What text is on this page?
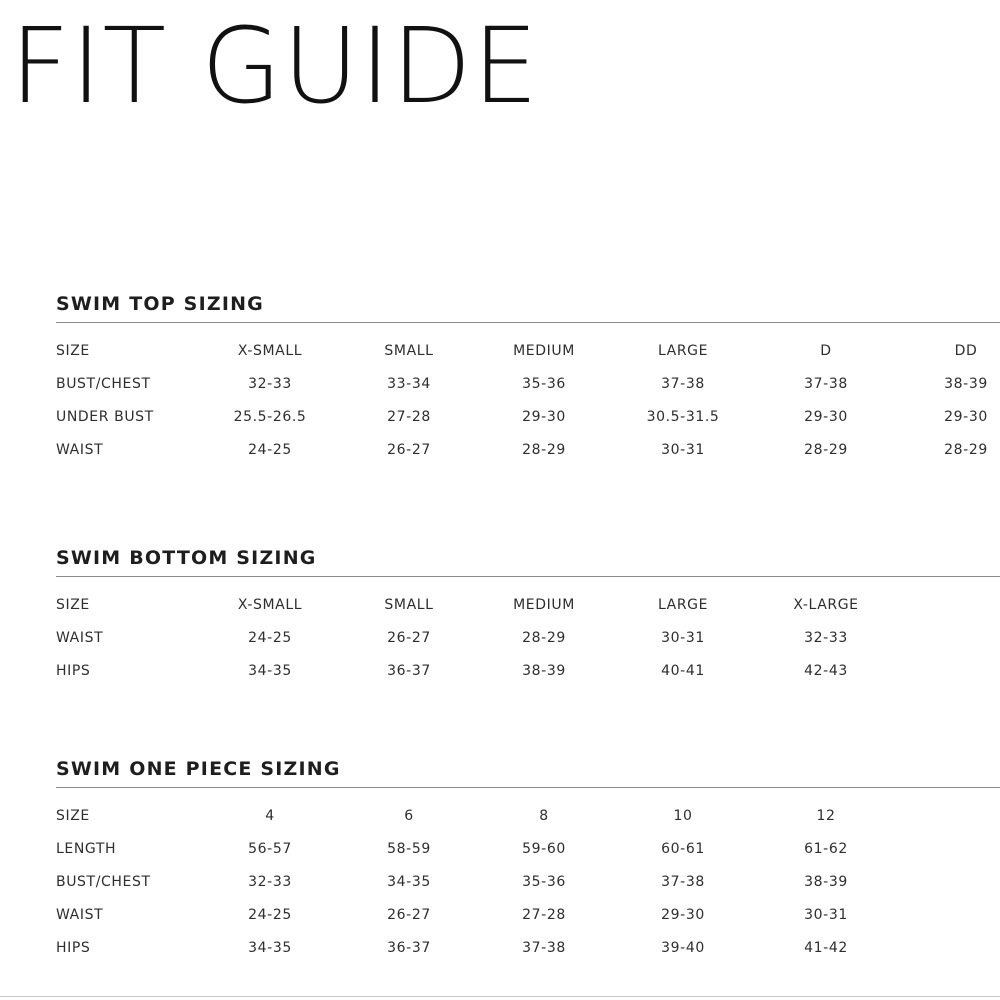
FIT GUIDE
SWIM TOP SIZING
SIZE	X-SMALL	SMALL	MEDIUM	LARGE	D	DD
BUST/CHEST	32-33	33-34	35-36	37-38	37-38	38-39
UNDER BUST	25.5-26.5	27-28	29-30	30.5-31.5	29-30	29-30
WAIST	24-25	26-27	28-29	30-31	28-29	28-29
SWIM BOTTOM SIZING
SIZE	X-SMALL	SMALL	MEDIUM	LARGE	X-LARGE
WAIST	24-25	26-27	28-29	30-31	32-33
HIPS	34-35	36-37	38-39	40-41	42-43
SWIM ONE PIECE SIZING
SIZE	4	6	8	10	12
LENGTH	56-57	58-59	59-60	60-61	61-62
BUST/CHEST	32-33	34-35	35-36	37-38	38-39
WAIST	24-25	26-27	27-28	29-30	30-31
HIPS	34-35	36-37	37-38	39-40	41-42
